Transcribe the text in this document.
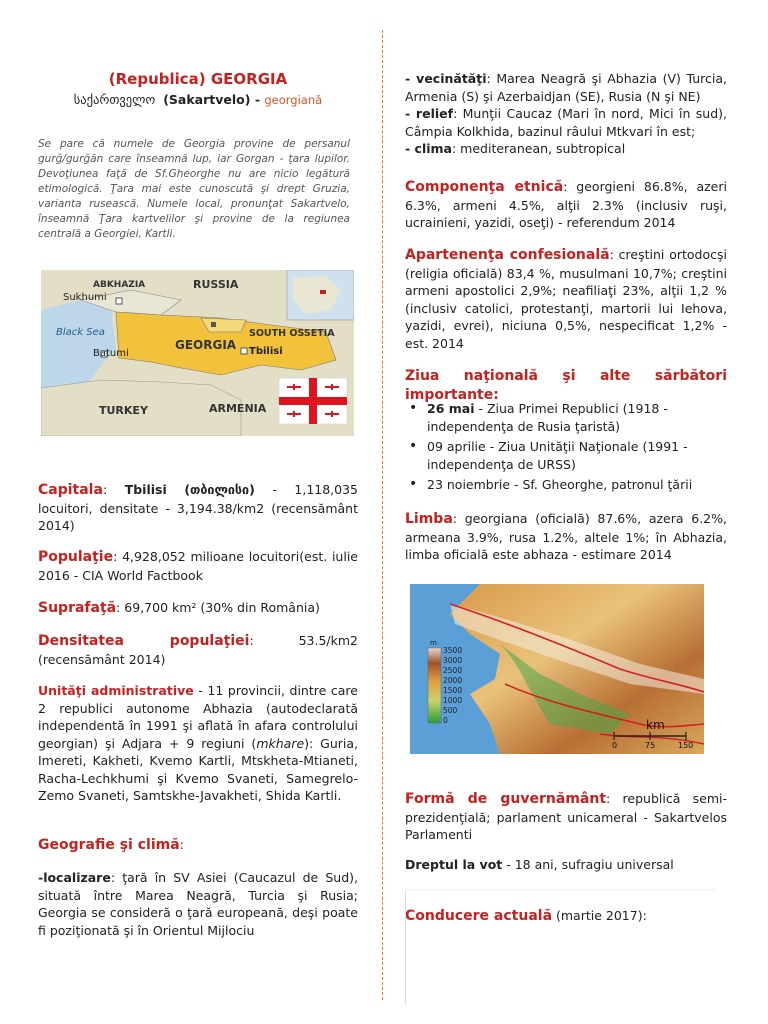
(Republica) GEORGIA

საქართველო (Sakartvelo) - georgiană

Se pare că numele de Georgia provine de persanul gurğ/gurğān care înseamnă lup, iar Gorgan - ţara lupilor. Devoţiunea faţă de Sf.Gheorghe nu are nicio legătură etimologică. Ţara mai este cunoscută şi drept Gruzia, varianta rusească. Numele local, pronunţat Sakartvelo, înseamnă Ţara kartvelilor şi provine de la regiunea centrală a Georgiei, Kartli.

ABKHAZIA	RUSSIA
Sukhumi
Black Sea	SOUTH OSSETIA
GEORGIA
Batumi	Tbilisi
TURKEY	ARMENIA

Capitala: Tbilisi (თბილისი) - 1,118,035 locuitori, densitate - 3,194.38/km2 (recensământ 2014)

Populaţie: 4,928,052 milioane locuitori(est. iulie 2016 - CIA World Factbook

Suprafaţă: 69,700 km² (30% din România)

Densitatea populaţiei: 53.5/km2 (recensământ 2014)

Unităţi administrative - 11 provincii, dintre care 2 republici autonome Abhazia (autodeclarată independentă în 1991 şi aflată în afara controlului georgian) şi Adjara + 9 regiuni (mkhare): Guria, Imereti, Kakheti, Kvemo Kartli, Mtskheta-Mtianeti, Racha-Lechkhumi şi Kvemo Svaneti, Samegrelo-Zemo Svaneti, Samtskhe-Javakheti, Shida Kartli.

Geografie şi climă:

-localizare: ţară în SV Asiei (Caucazul de Sud), situată între Marea Neagră, Turcia şi Rusia; Georgia se consideră o ţară europeană, deşi poate fi poziţionată şi în Orientul Mijlociu

- vecinătăţi: Marea Neagră şi Abhazia (V) Turcia, Armenia (S) şi Azerbaidjan (SE), Rusia (N şi NE)
- relief: Munţii Caucaz (Mari în nord, Mici în sud), Câmpia Kolkhida, bazinul râului Mtkvari în est;
- clima: mediteranean, subtropical

Componenţa etnică: georgieni 86.8%, azeri 6.3%, armeni 4.5%, alţii 2.3% (inclusiv ruşi, ucrainieni, yazidi, oseţi) - referendum 2014

Apartenenţa confesională: creştini ortodocşi (religia oficială) 83,4 %, musulmani 10,7%; creştini armeni apostolici 2,9%; neafiliaţi 23%, alţii 1,2 % (inclusiv catolici, protestanţi, martorii lui Iehova, yazidi, evrei), niciuna 0,5%, nespecificat 1,2% - est. 2014

Ziua naţională şi alte sărbători importante:

• 26 mai - Ziua Primei Republici (1918 - independenţa de Rusia ţaristă)
• 09 aprilie - Ziua Unităţii Naţionale (1991 - independenţa de URSS)
• 23 noiembrie - Sf. Gheorghe, patronul ţării

Limba: georgiana (oficială) 87.6%, azera 6.2%, armeana 3.9%, rusa 1.2%, altele 1%; în Abhazia, limba oficială este abhaza - estimare 2014

Formă de guvernământ: republică semi-prezidenţială; parlament unicameral - Sakartvelos Parlamenti

Dreptul la vot - 18 ani, sufragiu universal

Conducere actuală (martie 2017):

m
3500
3000
2500
2000
1500
1000
500
0	km
0	75	150
